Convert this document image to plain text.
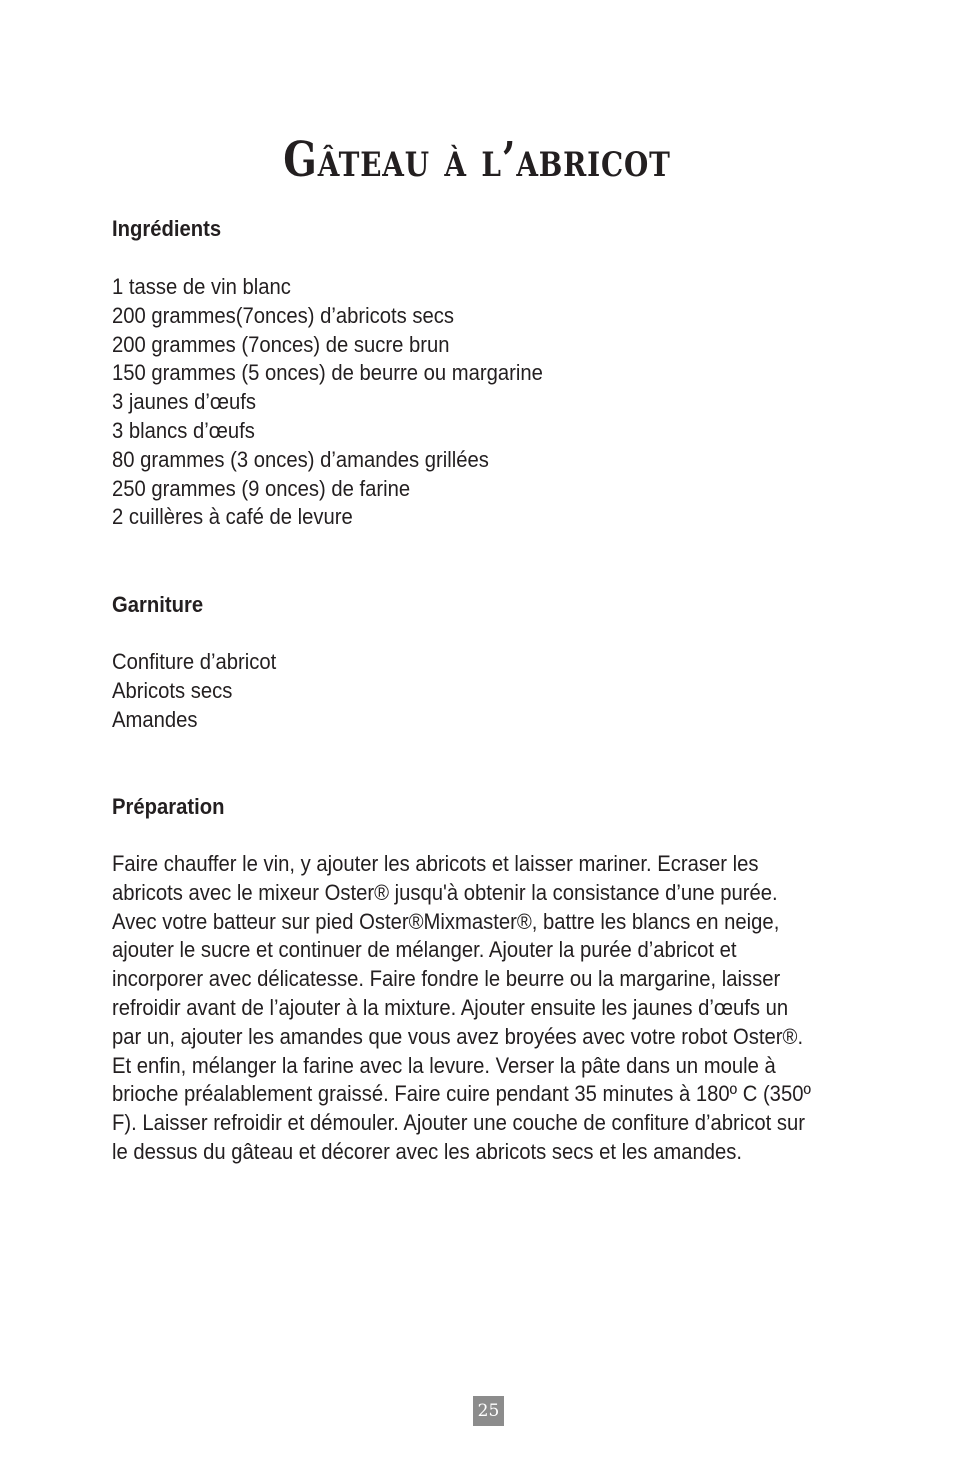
Gâteau à l’abricot
Ingrédients
1 tasse de vin blanc
200 grammes(7onces) d’abricots secs
200 grammes (7onces) de sucre brun
150 grammes (5 onces) de beurre ou margarine
3 jaunes d’œufs
3 blancs d’œufs
80 grammes (3 onces) d’amandes grillées
250 grammes (9 onces) de farine
2 cuillères à café de levure
Garniture
Confiture d’abricot
Abricots secs
Amandes
Préparation

Faire chauffer le vin, y ajouter les abricots et laisser mariner. Ecraser les
abricots avec le mixeur Oster® jusqu'à obtenir la consistance d’une purée.
Avec votre batteur sur pied Oster®Mixmaster®, battre les blancs en neige,
ajouter le sucre et continuer de mélanger. Ajouter la purée d’abricot et
incorporer avec délicatesse. Faire fondre le beurre ou la margarine, laisser
refroidir avant de l’ajouter à la mixture. Ajouter ensuite les jaunes d’œufs un
par un, ajouter les amandes que vous avez broyées avec votre robot Oster®.
Et enfin, mélanger la farine avec la levure. Verser la pâte dans un moule à
brioche préalablement graissé. Faire cuire pendant 35 minutes à 180º C (350º
F). Laisser refroidir et démouler. Ajouter une couche de confiture d’abricot sur
le dessus du gâteau et décorer avec les abricots secs et les amandes.

25
